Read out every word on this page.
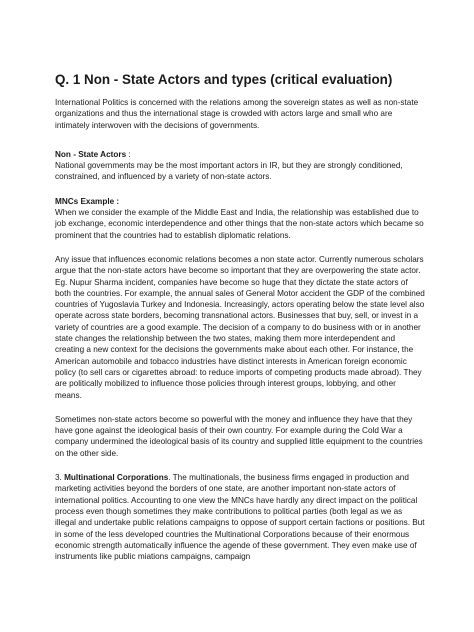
Q. 1 Non - State Actors and types (critical evaluation)

International Politics is concerned with the relations among the sovereign states as well as non-state organizations and thus the international stage is crowded with actors large and small who are intimately interwoven with the decisions of governments.

Non - State Actors :
National governments may be the most important actors in IR, but they are strongly conditioned, constrained, and influenced by a variety of non-state actors.

MNCs Example :
When we consider the example of the Middle East and India, the relationship was established due to job exchange, economic interdependence and other things that the non-state actors which became so prominent that the countries had to establish diplomatic relations.

Any issue that influences economic relations becomes a non state actor. Currently numerous scholars argue that the non-state actors have become so important that they are overpowering the state actor. Eg. Nupur Sharma incident, companies have become so huge that they dictate the state actors of both the countries. For example, the annual sales of General Motor accident the GDP of the combined countries of Yugoslavia Turkey and Indonesia. Increasingly, actors operating below the state level also operate across state borders, becoming transnational actors. Businesses that buy, sell, or invest in a variety of countries are a good example. The decision of a company to do business with or in another state changes the relationship between the two states, making them more interdependent and creating a new context for the decisions the governments make about each other. For instance, the American automobile and tobacco industries have distinct interests in American foreign economic policy (to sell cars or cigarettes abroad: to reduce imports of competing products made abroad). They are politically mobilized to influence those policies through interest groups, lobbying, and other means.

Sometimes non-state actors become so powerful with the money and influence they have that they have gone against the ideological basis of their own country. For example during the Cold War a company undermined the ideological basis of its country and supplied little equipment to the countries on the other side.

3. Multinational Corporations. The multinationals, the business firms engaged in production and marketing activities beyond the borders of one state, are another important non-state actors of international politics. Accounting to one view the MNCs have hardly any direct impact on the political process even though sometimes they make contributions to political parties (both legal as we as illegal and undertake public relations campaigns to oppose of support certain factions or positions. But in some of the less developed countries the Multinational Corporations because of their enormous economic strength automatically influence the agende of these government. They even make use of instruments like public miations campaigns, campaign
